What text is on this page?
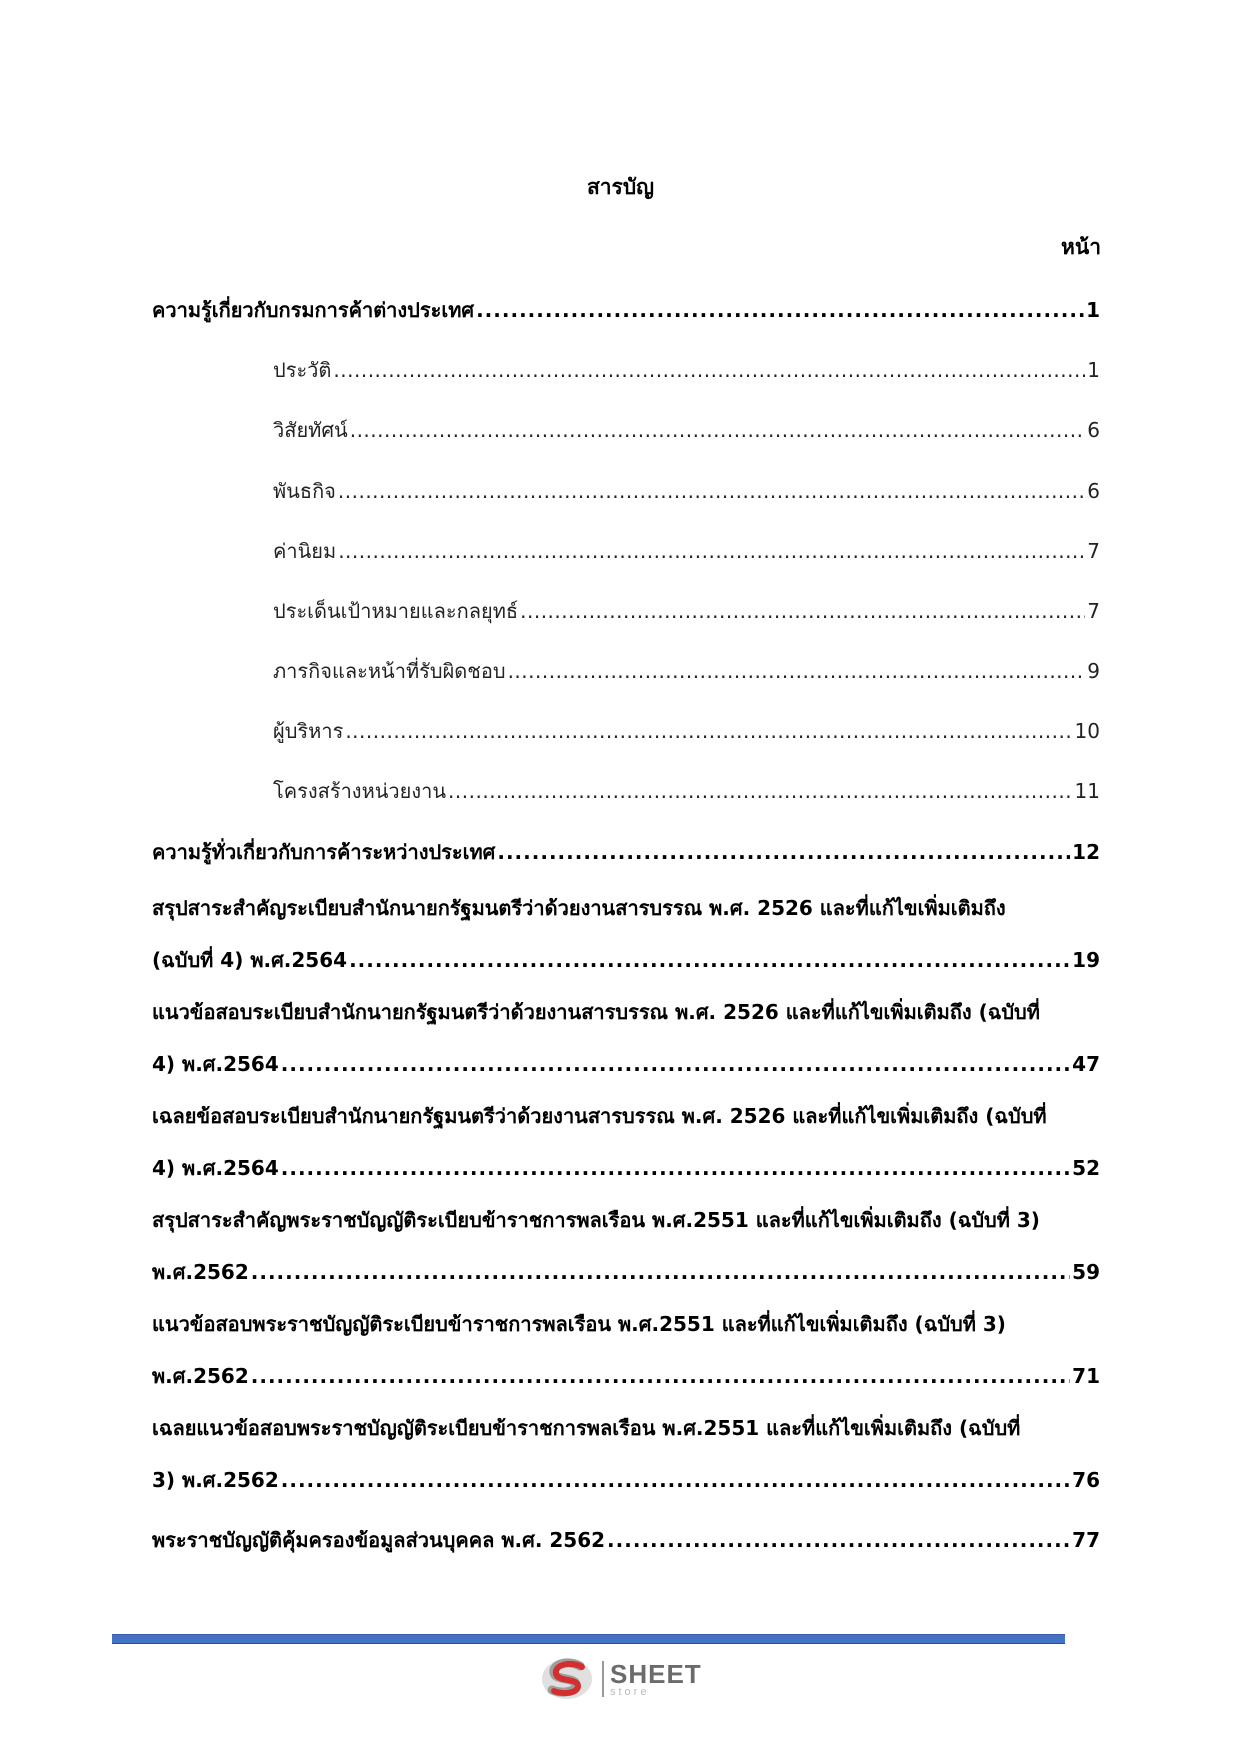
สารบัญ
หน้า
ความรู้เกี่ยวกับกรมการค้าต่างประเทศ .....	1
ประวัติ .....	1
วิสัยทัศน์ .....	6
พันธกิจ .....	6
ค่านิยม .....	7
ประเด็นเป้าหมายและกลยุทธ์ .....	7
ภารกิจและหน้าที่รับผิดชอบ .....	9
ผู้บริหาร .....	10
โครงสร้างหน่วยงาน .....	11
ความรู้ทั่วเกี่ยวกับการค้าระหว่างประเทศ .....	12
สรุปสาระสำคัญระเบียบสำนักนายกรัฐมนตรีว่าด้วยงานสารบรรณ พ.ศ. 2526 และที่แก้ไขเพิ่มเติมถึง
(ฉบับที่ 4) พ.ศ.2564 .....	19
แนวข้อสอบระเบียบสำนักนายกรัฐมนตรีว่าด้วยงานสารบรรณ พ.ศ. 2526 และที่แก้ไขเพิ่มเติมถึง (ฉบับที่
4) พ.ศ.2564 .....	47
เฉลยข้อสอบระเบียบสำนักนายกรัฐมนตรีว่าด้วยงานสารบรรณ พ.ศ. 2526 และที่แก้ไขเพิ่มเติมถึง (ฉบับที่
4) พ.ศ.2564 .....	52
สรุปสาระสำคัญพระราชบัญญัติระเบียบข้าราชการพลเรือน พ.ศ.2551 และที่แก้ไขเพิ่มเติมถึง (ฉบับที่ 3)
พ.ศ.2562 .....	59
แนวข้อสอบพระราชบัญญัติระเบียบข้าราชการพลเรือน พ.ศ.2551 และที่แก้ไขเพิ่มเติมถึง (ฉบับที่ 3)
พ.ศ.2562 .....	71
เฉลยแนวข้อสอบพระราชบัญญัติระเบียบข้าราชการพลเรือน พ.ศ.2551 และที่แก้ไขเพิ่มเติมถึง (ฉบับที่
3) พ.ศ.2562 .....	76
พระราชบัญญัติคุ้มครองข้อมูลส่วนบุคคล พ.ศ. 2562 .....	77
SHEET
store
